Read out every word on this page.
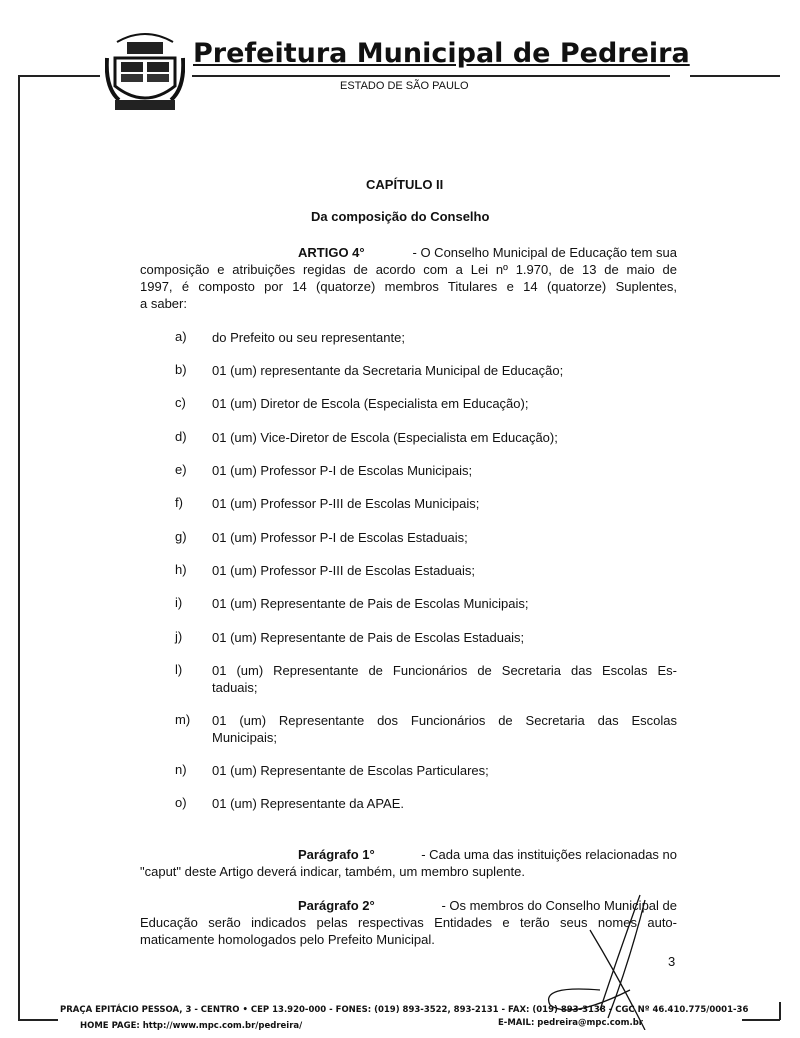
Prefeitura Municipal de Pedreira
ESTADO DE SÃO PAULO
CAPÍTULO II
Da composição do Conselho
ARTIGO 4°	- O Conselho Municipal de Educação tem sua
composição e atribuições regidas de acordo com a Lei nº 1.970, de 13 de maio de
1997, é composto por 14 (quatorze) membros Titulares e 14 (quatorze) Suplentes,
a saber:
a) do Prefeito ou seu representante;
b) 01 (um) representante da Secretaria Municipal de Educação;
c) 01 (um) Diretor de Escola (Especialista em Educação);
d) 01 (um) Vice-Diretor de Escola (Especialista em Educação);
e) 01 (um) Professor P-I de Escolas Municipais;
f) 01 (um) Professor P-III de Escolas Municipais;
g) 01 (um) Professor P-I de Escolas Estaduais;
h) 01 (um) Professor P-III de Escolas Estaduais;
i) 01 (um) Representante de Pais de Escolas Municipais;
j) 01 (um) Representante de Pais de Escolas Estaduais;
l) 01 (um) Representante de Funcionários de Secretaria das Escolas Es-
taduais;
m) 01 (um) Representante dos Funcionários de Secretaria das Escolas
Municipais;
n) 01 (um) Representante de Escolas Particulares;
o) 01 (um) Representante da APAE.
Parágrafo 1°	- Cada uma das instituições relacionadas no
"caput" deste Artigo deverá indicar, também, um membro suplente.
Parágrafo 2°	- Os membros do Conselho Municipal de
Educação serão indicados pelas respectivas Entidades e terão seus nomes auto-
maticamente homologados pelo Prefeito Municipal.
3
PRAÇA EPITÁCIO PESSOA, 3 - CENTRO • CEP 13.920-000 - FONES: (019) 893-3522, 893-2131 - FAX: (019) 893-3138 - CGC Nº 46.410.775/0001-36
HOME PAGE: http://www.mpc.com.br/pedreira/	E-MAIL: pedreira@mpc.com.br
